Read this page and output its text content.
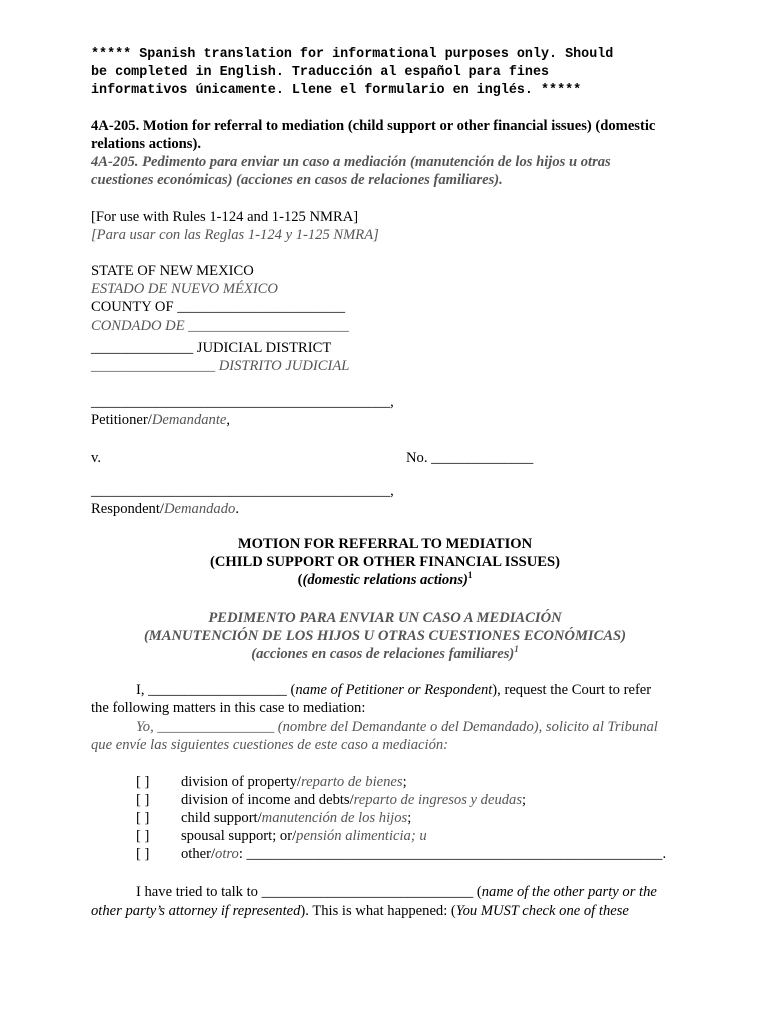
***** Spanish translation for informational purposes only. Should
be completed in English. Traducción al español para fines
informativos únicamente. Llene el formulario en inglés. *****
4A-205. Motion for referral to mediation (child support or other financial issues) (domestic
relations actions).
4A-205. Pedimento para enviar un caso a mediación (manutención de los hijos u otras
cuestiones económicas) (acciones en casos de relaciones familiares).
[For use with Rules 1-124 and 1-125 NMRA]
[Para usar con las Reglas 1-124 y 1-125 NMRA]
STATE OF NEW MEXICO
ESTADO DE NUEVO MÉXICO
COUNTY OF _______________________
CONDADO DE ______________________
______________ JUDICIAL DISTRICT
_________________ DISTRITO JUDICIAL
_________________________________________,
Petitioner/Demandante,
v.	No. ______________
_________________________________________,
Respondent/Demandado.
MOTION FOR REFERRAL TO MEDIATION
(CHILD SUPPORT OR OTHER FINANCIAL ISSUES)
((domestic relations actions)$^1$
PEDIMENTO PARA ENVIAR UN CASO A MEDIACIÓN
(MANUTENCIÓN DE LOS HIJOS U OTRAS CUESTIONES ECONÓMICAS)
(acciones en casos de relaciones familiares)$^1$
I, ___________________ (name of Petitioner or Respondent), request the Court to refer
the following matters in this case to mediation:
Yo, ________________ (nombre del Demandante o del Demandado), solicito al Tribunal
que envíe las siguientes cuestiones de este caso a mediación:
[ ] division of property/reparto de bienes;
[ ] division of income and debts/reparto de ingresos y deudas;
[ ] child support/manutención de los hijos;
[ ] spousal support; or/pensión alimenticia; u
[ ] other/otro: _________________________________________________________.
I have tried to talk to _____________________________ (name of the other party or the
other party’s attorney if represented). This is what happened: (You MUST check one of these
